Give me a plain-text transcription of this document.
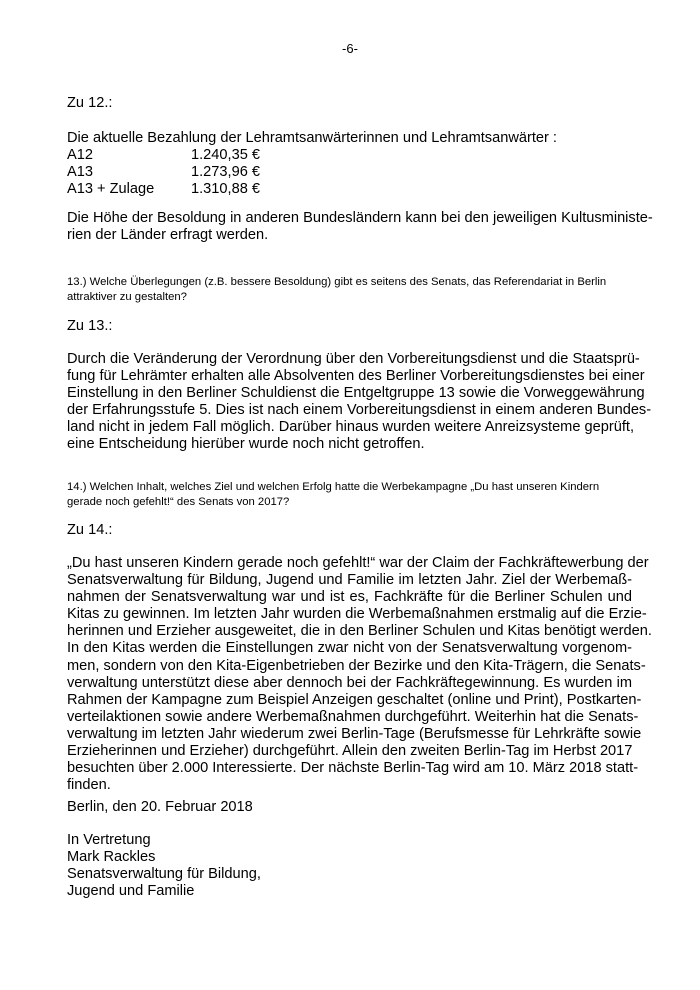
-6-
Zu 12.:
Die aktuelle Bezahlung der Lehramtsanwärterinnen und Lehramtsanwärter :
A12	1.240,35 €
A13	1.273,96 €
A13 + Zulage	1.310,88 €
Die Höhe der Besoldung in anderen Bundesländern kann bei den jeweiligen Kultusministe-
rien der Länder erfragt werden.
13.) Welche Überlegungen (z.B. bessere Besoldung) gibt es seitens des Senats, das Referendariat in Berlin
attraktiver zu gestalten?
Zu 13.:
Durch die Veränderung der Verordnung über den Vorbereitungsdienst und die Staatsprü-
fung für Lehrämter erhalten alle Absolventen des Berliner Vorbereitungsdienstes bei einer
Einstellung in den Berliner Schuldienst die Entgeltgruppe 13 sowie die Vorweggewährung
der Erfahrungsstufe 5. Dies ist nach einem Vorbereitungsdienst in einem anderen Bundes-
land nicht in jedem Fall möglich. Darüber hinaus wurden weitere Anreizsysteme geprüft,
eine Entscheidung hierüber wurde noch nicht getroffen.
14.) Welchen Inhalt, welches Ziel und welchen Erfolg hatte die Werbekampagne „Du hast unseren Kindern
gerade noch gefehlt!“ des Senats von 2017?
Zu 14.:
„Du hast unseren Kindern gerade noch gefehlt!“ war der Claim der Fachkräftewerbung der
Senatsverwaltung für Bildung, Jugend und Familie im letzten Jahr. Ziel der Werbemaß-
nahmen der Senatsverwaltung war und ist es, Fachkräfte für die Berliner Schulen und
Kitas zu gewinnen. Im letzten Jahr wurden die Werbemaßnahmen erstmalig auf die Erzie-
herinnen und Erzieher ausgeweitet, die in den Berliner Schulen und Kitas benötigt werden.
In den Kitas werden die Einstellungen zwar nicht von der Senatsverwaltung vorgenom-
men, sondern von den Kita-Eigenbetrieben der Bezirke und den Kita-Trägern, die Senats-
verwaltung unterstützt diese aber dennoch bei der Fachkräftegewinnung. Es wurden im
Rahmen der Kampagne zum Beispiel Anzeigen geschaltet (online und Print), Postkarten-
verteilaktionen sowie andere Werbemaßnahmen durchgeführt. Weiterhin hat die Senats-
verwaltung im letzten Jahr wiederum zwei Berlin-Tage (Berufsmesse für Lehrkräfte sowie
Erzieherinnen und Erzieher) durchgeführt. Allein den zweiten Berlin-Tag im Herbst 2017
besuchten über 2.000 Interessierte. Der nächste Berlin-Tag wird am 10. März 2018 statt-
finden.
Berlin, den 20. Februar 2018
In Vertretung
Mark Rackles
Senatsverwaltung für Bildung,
Jugend und Familie
